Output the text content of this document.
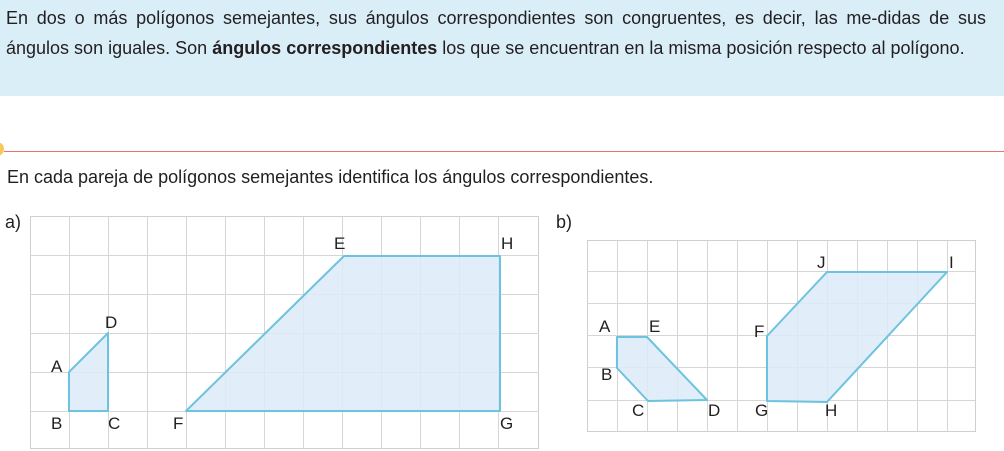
En dos o más polígonos semejantes, sus ángulos correspondientes son congruentes, es decir, las me-didas de sus ángulos son iguales. Son ángulos correspondientes los que se encuentran en la misma posición respecto al polígono.
En cada pareja de polígonos semejantes identifica los ángulos correspondientes.
a)
D
A
B	C	F
E	H
G
b)
A E
B
C	D
F
J	I
G	H
